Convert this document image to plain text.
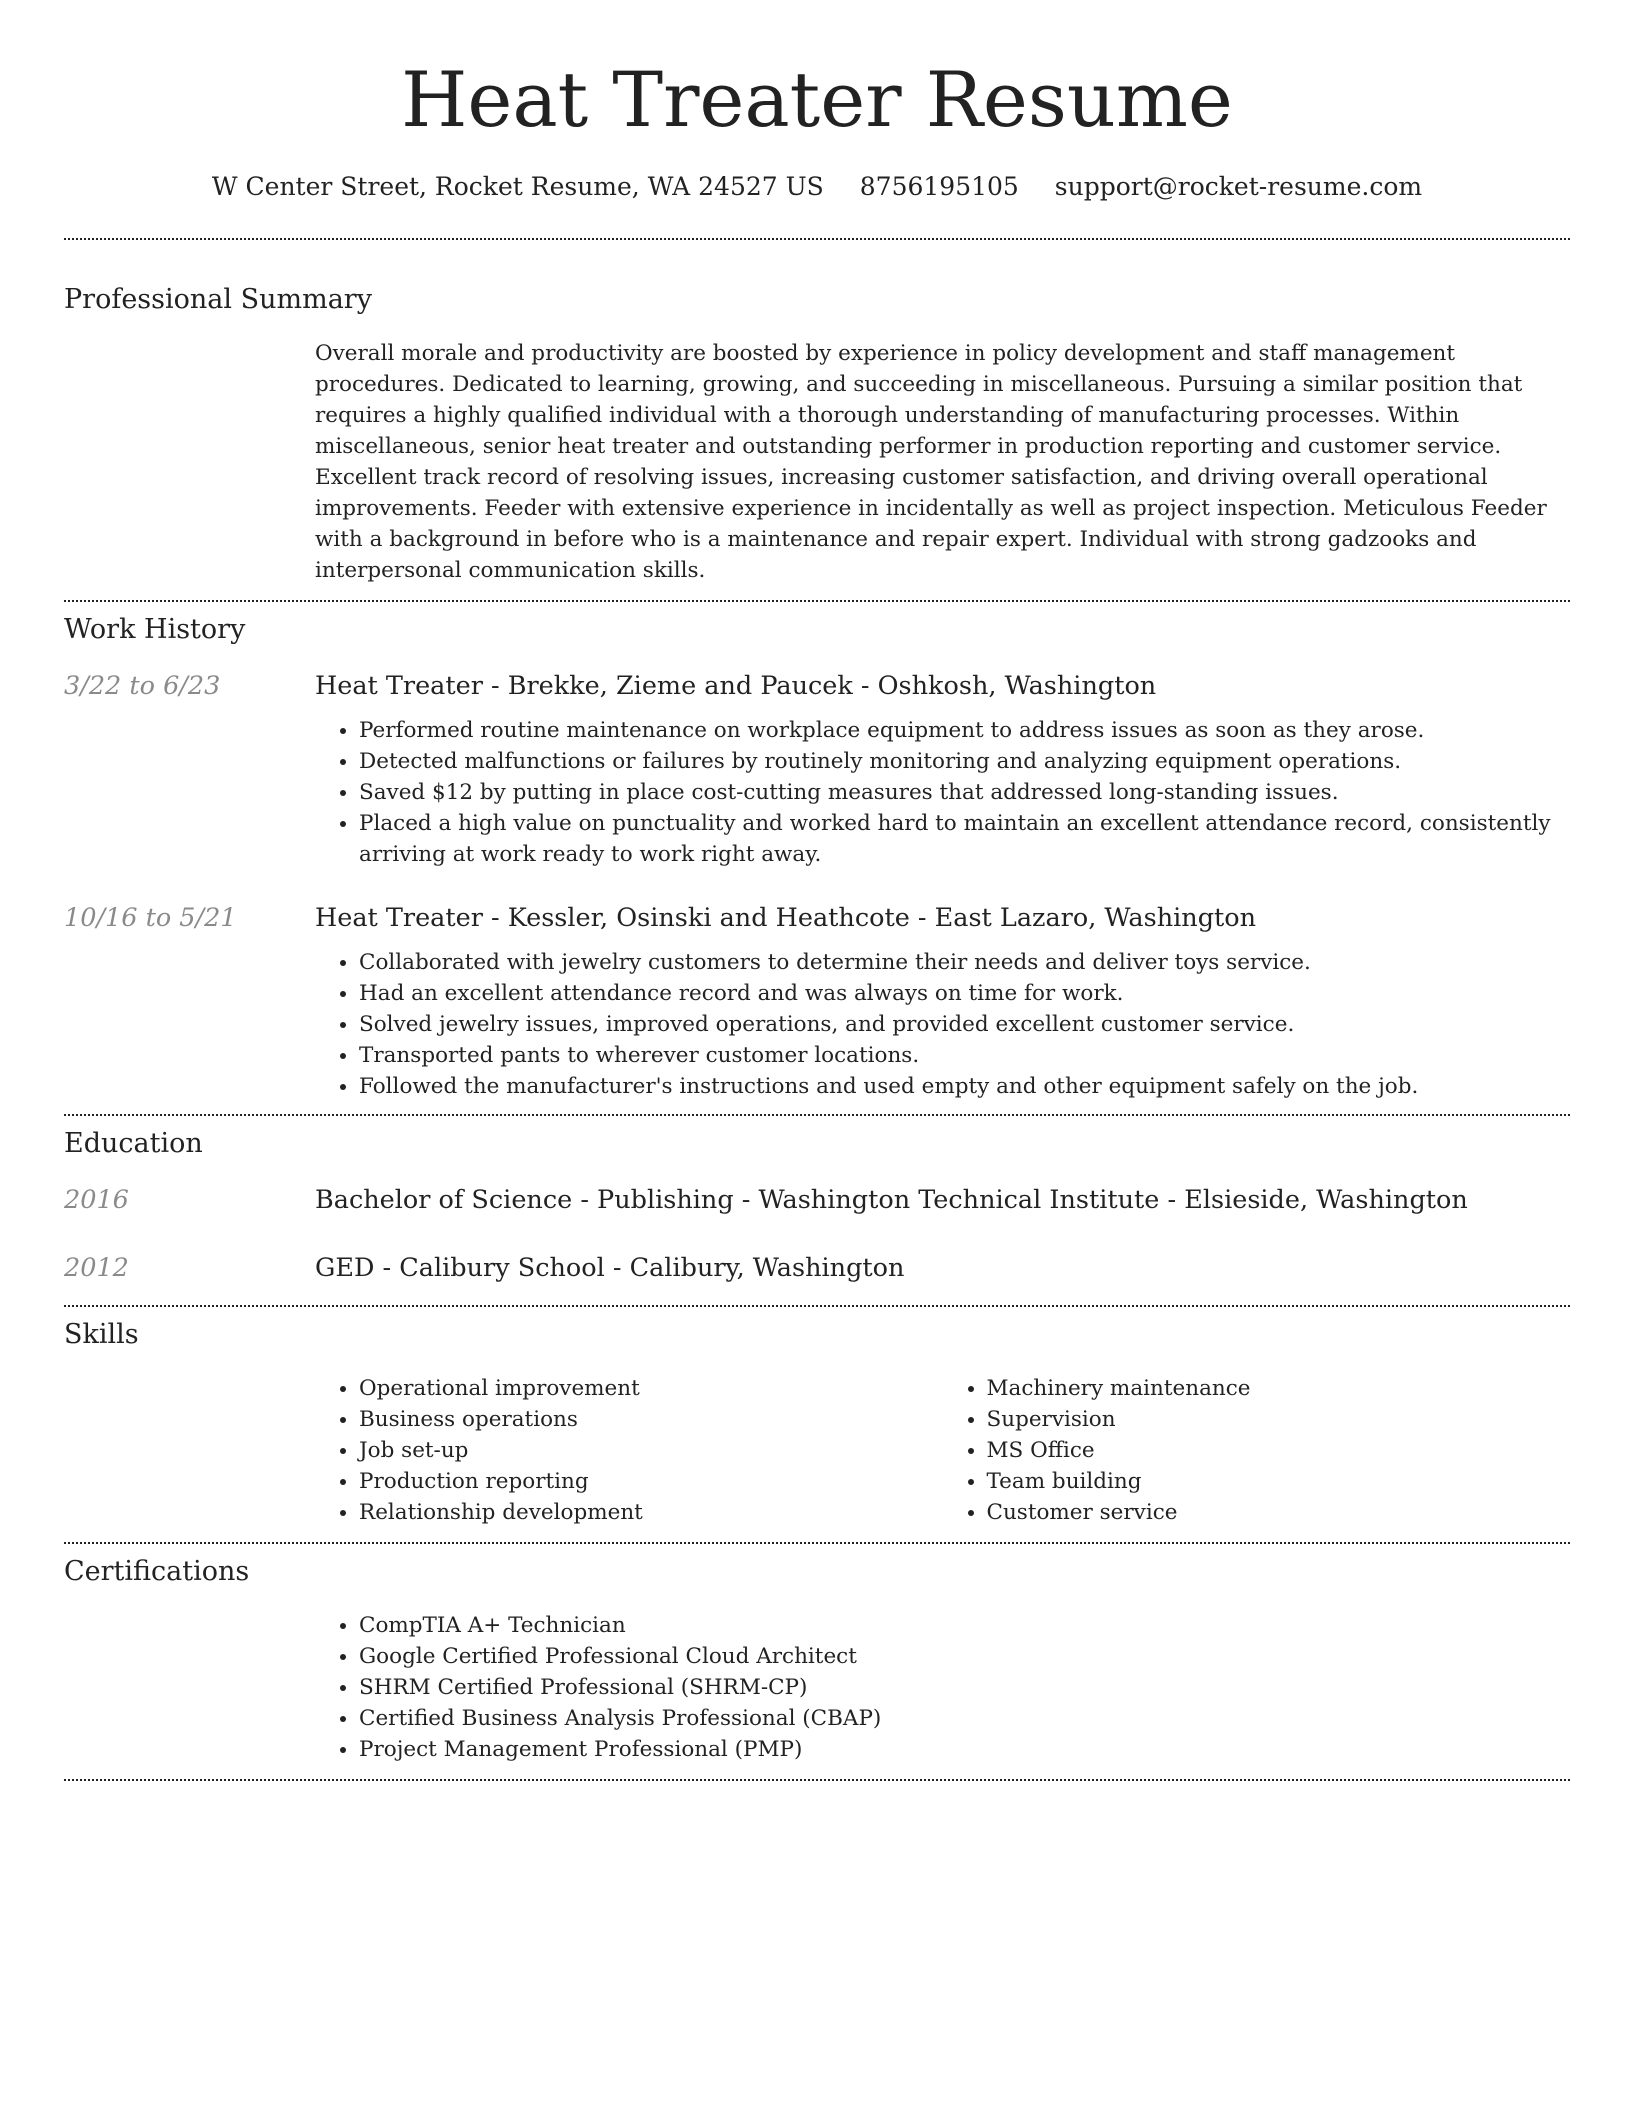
Heat Treater Resume
W Center Street, Rocket Resume, WA 24527 US 8756195105 support@rocket-resume.com
Professional Summary
Overall morale and productivity are boosted by experience in policy development and staff management procedures. Dedicated to learning, growing, and succeeding in miscellaneous. Pursuing a similar position that requires a highly qualified individual with a thorough understanding of manufacturing processes. Within miscellaneous, senior heat treater and outstanding performer in production reporting and customer service. Excellent track record of resolving issues, increasing customer satisfaction, and driving overall operational improvements. Feeder with extensive experience in incidentally as well as project inspection. Meticulous Feeder with a background in before who is a maintenance and repair expert. Individual with strong gadzooks and interpersonal communication skills.
Work History
3/22 to 6/23	Heat Treater - Brekke, Zieme and Paucek - Oshkosh, Washington
• Performed routine maintenance on workplace equipment to address issues as soon as they arose.
• Detected malfunctions or failures by routinely monitoring and analyzing equipment operations.
• Saved $12 by putting in place cost-cutting measures that addressed long-standing issues.
• Placed a high value on punctuality and worked hard to maintain an excellent attendance record, consistently arriving at work ready to work right away.
10/16 to 5/21	Heat Treater - Kessler, Osinski and Heathcote - East Lazaro, Washington
• Collaborated with jewelry customers to determine their needs and deliver toys service.
• Had an excellent attendance record and was always on time for work.
• Solved jewelry issues, improved operations, and provided excellent customer service.
• Transported pants to wherever customer locations.
• Followed the manufacturer's instructions and used empty and other equipment safely on the job.
Education
2016	Bachelor of Science - Publishing - Washington Technical Institute - Elsieside, Washington
2012	GED - Calibury School - Calibury, Washington
Skills
• Operational improvement
• Business operations
• Job set-up
• Production reporting
• Relationship development
• Machinery maintenance
• Supervision
• MS Office
• Team building
• Customer service
Certifications
• CompTIA A+ Technician
• Google Certified Professional Cloud Architect
• SHRM Certified Professional (SHRM-CP)
• Certified Business Analysis Professional (CBAP)
• Project Management Professional (PMP)
